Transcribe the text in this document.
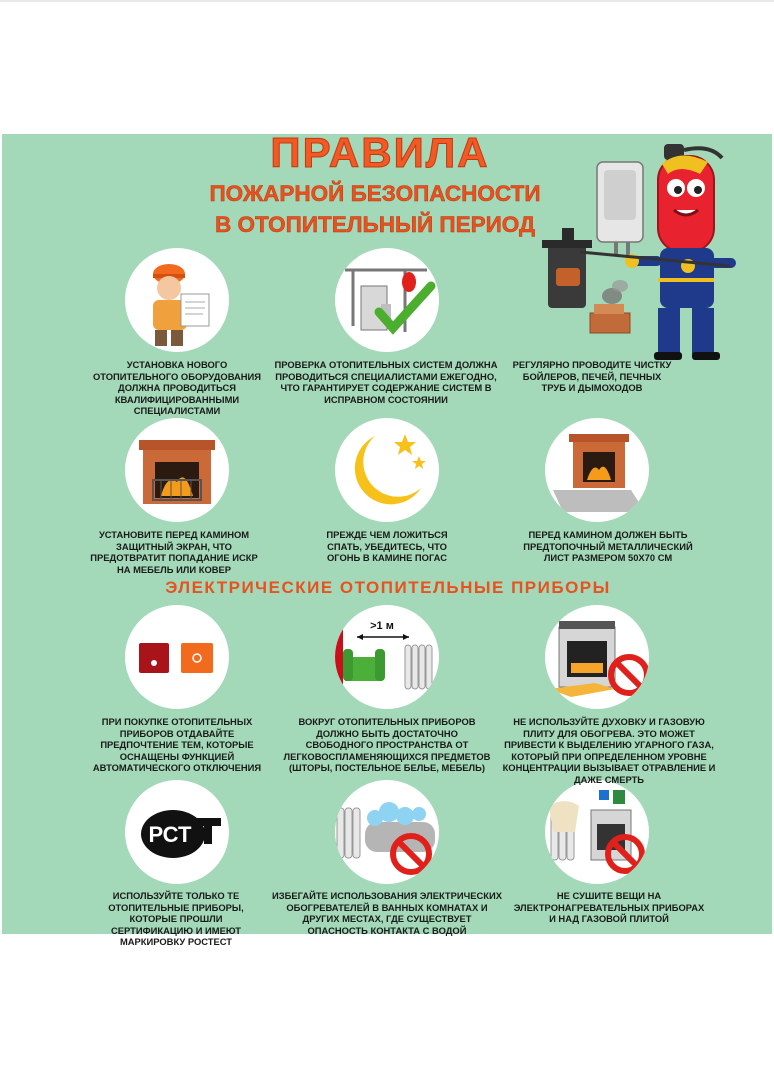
ПРАВИЛА
ПОЖАРНОЙ БЕЗОПАСНОСТИ
В ОТОПИТЕЛЬНЫЙ ПЕРИОД
>1 м
РСТ
УСТАНОВКА НОВОГО ОТОПИТЕЛЬНОГО ОБОРУДОВАНИЯ ДОЛЖНА ПРОВОДИТЬСЯ КВАЛИФИЦИРОВАННЫМИ СПЕЦИАЛИСТАМИ
ПРОВЕРКА ОТОПИТЕЛЬНЫХ СИСТЕМ ДОЛЖНА ПРОВОДИТЬСЯ СПЕЦИАЛИСТАМИ ЕЖЕГОДНО, ЧТО ГАРАНТИРУЕТ СОДЕРЖАНИЕ СИСТЕМ В ИСПРАВНОМ СОСТОЯНИИ
РЕГУЛЯРНО ПРОВОДИТЕ ЧИСТКУ БОЙЛЕРОВ, ПЕЧЕЙ, ПЕЧНЫХ ТРУБ И ДЫМОХОДОВ
УСТАНОВИТЕ ПЕРЕД КАМИНОМ ЗАЩИТНЫЙ ЭКРАН, ЧТО ПРЕДОТВРАТИТ ПОПАДАНИЕ ИСКР НА МЕБЕЛЬ ИЛИ КОВЕР
ПРЕЖДЕ ЧЕМ ЛОЖИТЬСЯ СПАТЬ, УБЕДИТЕСЬ, ЧТО ОГОНЬ В КАМИНЕ ПОГАС
ПЕРЕД КАМИНОМ ДОЛЖЕН БЫТЬ ПРЕДТОПОЧНЫЙ МЕТАЛЛИЧЕСКИЙ ЛИСТ РАЗМЕРОМ 50Х70 СМ
ЭЛЕКТРИЧЕСКИЕ ОТОПИТЕЛЬНЫЕ ПРИБОРЫ
ПРИ ПОКУПКЕ ОТОПИТЕЛЬНЫХ ПРИБОРОВ ОТДАВАЙТЕ ПРЕДПОЧТЕНИЕ ТЕМ, КОТОРЫЕ ОСНАЩЕНЫ ФУНКЦИЕЙ АВТОМАТИЧЕСКОГО ОТКЛЮЧЕНИЯ
ВОКРУГ ОТОПИТЕЛЬНЫХ ПРИБОРОВ ДОЛЖНО БЫТЬ ДОСТАТОЧНО СВОБОДНОГО ПРОСТРАНСТВА ОТ ЛЕГКОВОСПЛАМЕНЯЮЩИХСЯ ПРЕДМЕТОВ (ШТОРЫ, ПОСТЕЛЬНОЕ БЕЛЬЕ, МЕБЕЛЬ)
НЕ ИСПОЛЬЗУЙТЕ ДУХОВКУ И ГАЗОВУЮ ПЛИТУ ДЛЯ ОБОГРЕВА. ЭТО МОЖЕТ ПРИВЕСТИ К ВЫДЕЛЕНИЮ УГАРНОГО ГАЗА, КОТОРЫЙ ПРИ ОПРЕДЕЛЕННОМ УРОВНЕ КОНЦЕНТРАЦИИ ВЫЗЫВАЕТ ОТРАВЛЕНИЕ И ДАЖЕ СМЕРТЬ
ИСПОЛЬЗУЙТЕ ТОЛЬКО ТЕ ОТОПИТЕЛЬНЫЕ ПРИБОРЫ, КОТОРЫЕ ПРОШЛИ СЕРТИФИКАЦИЮ И ИМЕЮТ МАРКИРОВКУ РОСТЕСТ
ИЗБЕГАЙТЕ ИСПОЛЬЗОВАНИЯ ЭЛЕКТРИЧЕСКИХ ОБОГРЕВАТЕЛЕЙ В ВАННЫХ КОМНАТАХ И ДРУГИХ МЕСТАХ, ГДЕ СУЩЕСТВУЕТ ОПАСНОСТЬ КОНТАКТА С ВОДОЙ
НЕ СУШИТЕ ВЕЩИ НА ЭЛЕКТРОНАГРЕВАТЕЛЬНЫХ ПРИБОРАХ И НАД ГАЗОВОЙ ПЛИТОЙ
